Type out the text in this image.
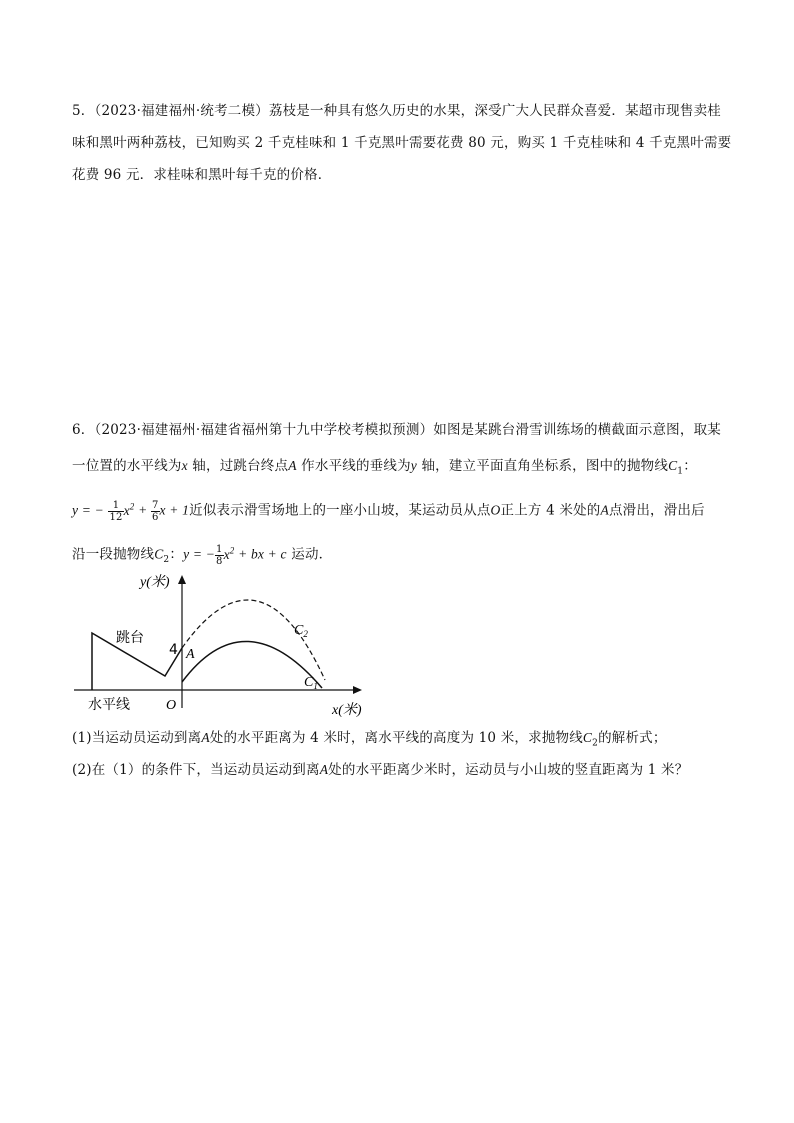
5．（2023·福建福州·统考二模）荔枝是一种具有悠久历史的水果，深受广大人民群众喜爱．某超市现售卖桂
味和黑叶两种荔枝，已知购买 2 千克桂味和 1 千克黑叶需要花费 80 元，购买 1 千克桂味和 4 千克黑叶需要
花费 96 元．求桂味和黑叶每千克的价格．
6．（2023·福建福州·福建省福州第十九中学校考模拟预测）如图是某跳台滑雪训练场的横截面示意图，取某
一位置的水平线为x 轴，过跳台终点A 作水平线的垂线为y 轴，建立平面直角坐标系，图中的抛物线$C_1$：
y = − $\frac{1}{12} x^2 + \frac{7}{6}$ x + 1近似表示滑雪场地上的一座小山坡，某运动员从点O正上方 4 米处的A点滑出，滑出后
沿一段抛物线$C_2$：y = − $\frac{1}{8} x^2$ + bx + c 运动．
y(米)
跳台
4 A
O
水平线	x(米)
$C_2$
$C_1$
(1)当运动员运动到离A处的水平距离为 4 米时，离水平线的高度为 10 米，求抛物线$C_2$的解析式；
(2)在（1）的条件下，当运动员运动到离A处的水平距离少米时，运动员与小山坡的竖直距离为 1 米？
